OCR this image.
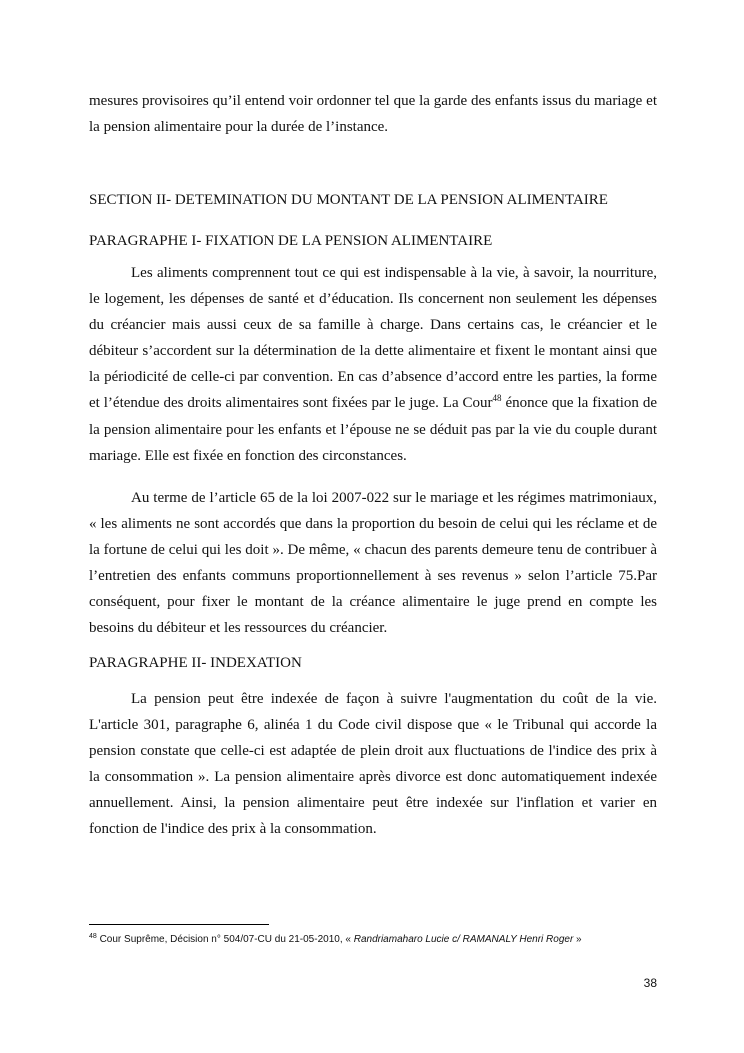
mesures provisoires qu’il entend voir ordonner tel que la garde des enfants issus du mariage et la pension alimentaire pour la durée de l’instance.

SECTION II- DETEMINATION DU MONTANT DE LA PENSION ALIMENTAIRE

PARAGRAPHE I- FIXATION DE LA PENSION ALIMENTAIRE

Les aliments comprennent tout ce qui est indispensable à la vie, à savoir, la nourriture, le logement, les dépenses de santé et d’éducation. Ils concernent non seulement les dépenses du créancier mais aussi ceux de sa famille à charge. Dans certains cas, le créancier et le débiteur s’accordent sur la détermination de la dette alimentaire et fixent le montant ainsi que la périodicité de celle-ci par convention. En cas d’absence d’accord entre les parties, la forme et l’étendue des droits alimentaires sont fixées par le juge. La Cour$^{48}$ énonce que la fixation de la pension alimentaire pour les enfants et l’épouse ne se déduit pas par la vie du couple durant mariage. Elle est fixée en fonction des circonstances.

Au terme de l’article 65 de la loi 2007-022 sur le mariage et les régimes matrimoniaux, « les aliments ne sont accordés que dans la proportion du besoin de celui qui les réclame et de la fortune de celui qui les doit ». De même, « chacun des parents demeure tenu de contribuer à l’entretien des enfants communs proportionnellement à ses revenus » selon l’article 75.Par conséquent, pour fixer le montant de la créance alimentaire le juge prend en compte les besoins du débiteur et les ressources du créancier.

PARAGRAPHE II- INDEXATION

La pension peut être indexée de façon à suivre l'augmentation du coût de la vie. L'article 301, paragraphe 6, alinéa 1 du Code civil dispose que « le Tribunal qui accorde la pension constate que celle-ci est adaptée de plein droit aux fluctuations de l'indice des prix à la consommation ». La pension alimentaire après divorce est donc automatiquement indexée annuellement. Ainsi, la pension alimentaire peut être indexée sur l'inflation et varier en fonction de l'indice des prix à la consommation.

$^{48}$ Cour Suprême, Décision n° 504/07-CU du 21-05-2010, « Randriamaharo Lucie c/ RAMANALY Henri Roger »

38
